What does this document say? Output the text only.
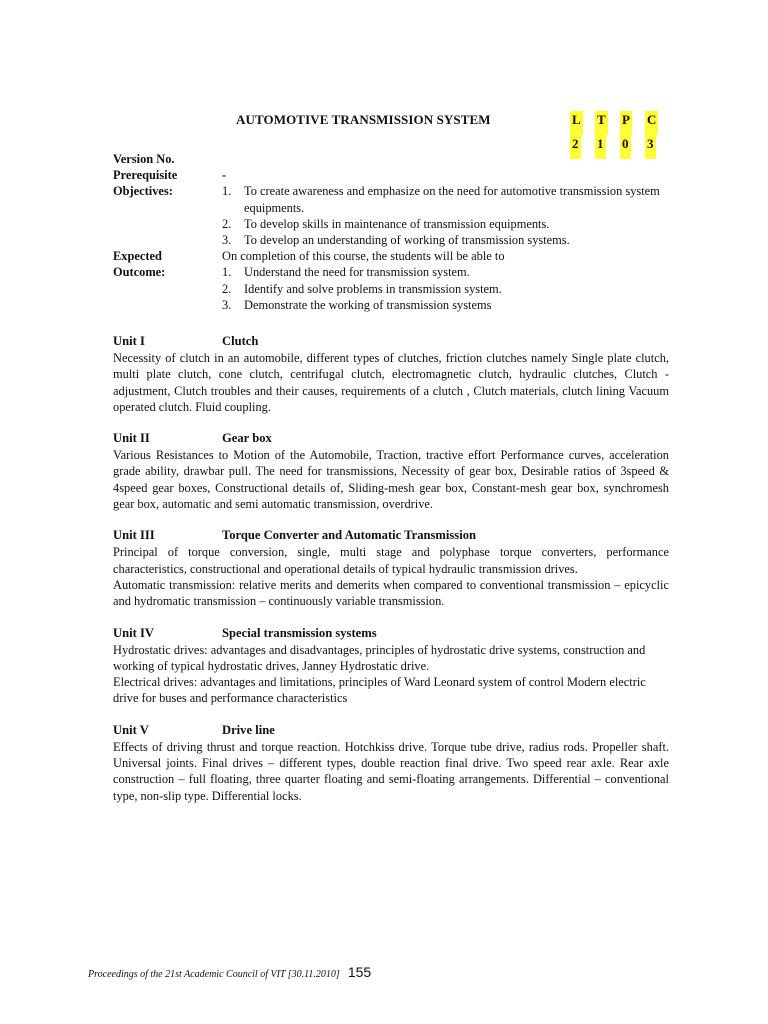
AUTOMOTIVE TRANSMISSION SYSTEM	L T P C
2 1 0 3
Version No.
Prerequisite	-
Objectives:	1.	To create awareness and emphasize on the need for automotive transmission system equipments.
2.	To develop skills in maintenance of transmission equipments.
3.	To develop an understanding of working of transmission systems.
Expected
Outcome:
On completion of this course, the students will be able to
1.	Understand the need for transmission system.
2.	Identify and solve problems in transmission system.
3.	Demonstrate the working of transmission systems
Unit I	Clutch

Necessity of clutch in an automobile, different types of clutches, friction clutches namely Single plate clutch, multi plate clutch, cone clutch, centrifugal clutch, electromagnetic clutch, hydraulic clutches, Clutch - adjustment, Clutch troubles and their causes, requirements of a clutch , Clutch materials, clutch lining Vacuum operated clutch. Fluid coupling.

Unit II	Gear box

Various Resistances to Motion of the Automobile, Traction, tractive effort Performance curves, acceleration grade ability, drawbar pull. The need for transmissions, Necessity of gear box, Desirable ratios of 3speed & 4speed gear boxes, Constructional details of, Sliding-mesh gear box, Constant-mesh gear box, synchromesh gear box, automatic and semi automatic transmission, overdrive.

Unit III	Torque Converter and Automatic Transmission

Principal of torque conversion, single, multi stage and polyphase torque converters, performance characteristics, constructional and operational details of typical hydraulic transmission drives.

Automatic transmission: relative merits and demerits when compared to conventional transmission – epicyclic and hydromatic transmission – continuously variable transmission.

Unit IV	Special transmission systems

Hydrostatic drives: advantages and disadvantages, principles of hydrostatic drive systems, construction and working of typical hydrostatic drives, Janney Hydrostatic drive.

Electrical drives: advantages and limitations, principles of Ward Leonard system of control Modern electric drive for buses and performance characteristics

Unit V	Drive line

Effects of driving thrust and torque reaction. Hotchkiss drive. Torque tube drive, radius rods. Propeller shaft. Universal joints. Final drives – different types, double reaction final drive. Two speed rear axle. Rear axle construction – full floating, three quarter floating and semi-floating arrangements. Differential – conventional type, non-slip type. Differential locks.

Proceedings of the 21st Academic Council of VIT [30.11.2010] 155
